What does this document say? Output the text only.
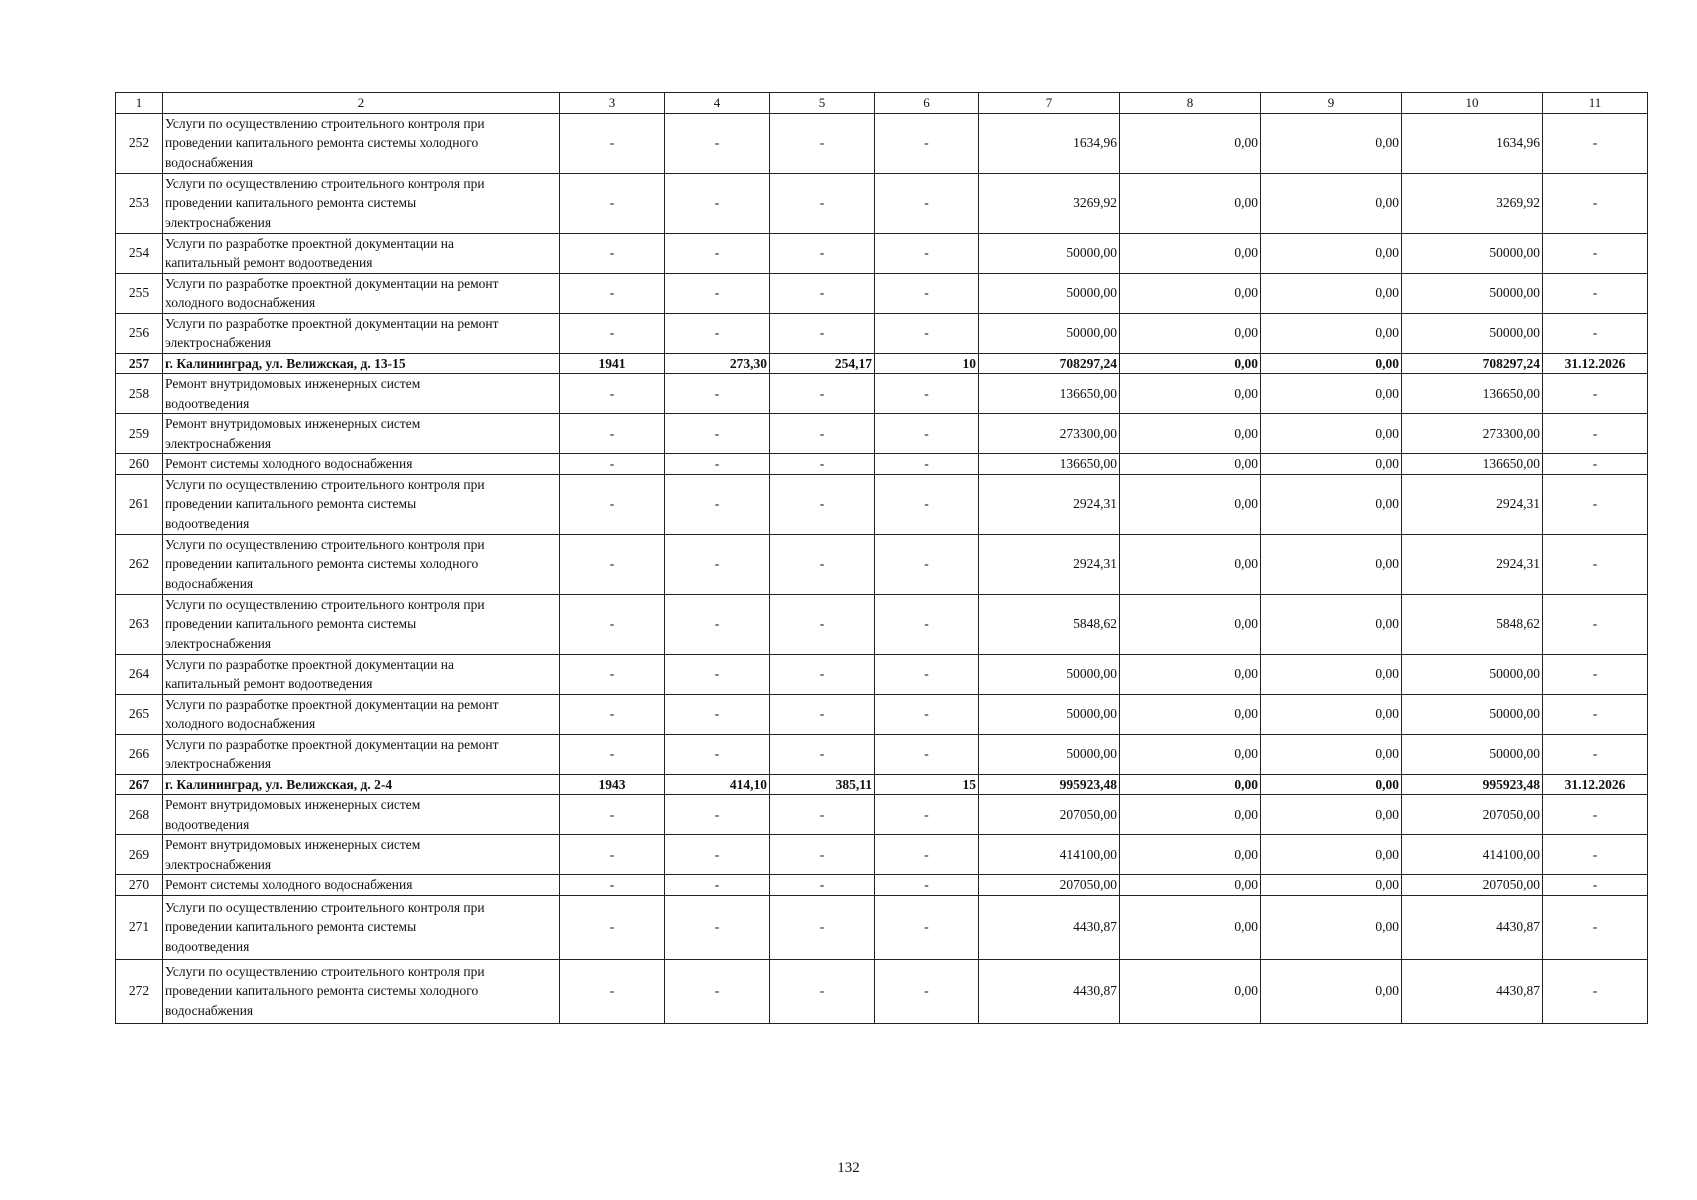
1	2	3	4	5	6	7	8	9	10	11
252	Услуги по осуществлению строительного контроля при
проведении капитального ремонта системы холодного
водоснабжения	-	-	-	-	1634,96	0,00	0,00	1634,96	-
253	Услуги по осуществлению строительного контроля при
проведении капитального ремонта системы
электроснабжения	-	-	-	-	3269,92	0,00	0,00	3269,92	-
254	Услуги по разработке проектной документации на
капитальный ремонт водоотведения	-	-	-	-	50000,00	0,00	0,00	50000,00	-
255	Услуги по разработке проектной документации на ремонт
холодного водоснабжения	-	-	-	-	50000,00	0,00	0,00	50000,00	-
256	Услуги по разработке проектной документации на ремонт
электроснабжения	-	-	-	-	50000,00	0,00	0,00	50000,00	-
257	г. Калининград, ул. Велижская, д. 13-15	1941	273,30	254,17	10	708297,24	0,00	0,00	708297,24	31.12.2026
258	Ремонт внутридомовых инженерных систем
водоотведения	-	-	-	-	136650,00	0,00	0,00	136650,00	-
259	Ремонт внутридомовых инженерных систем
электроснабжения	-	-	-	-	273300,00	0,00	0,00	273300,00	-
260	Ремонт системы холодного водоснабжения	-	-	-	-	136650,00	0,00	0,00	136650,00	-
261	Услуги по осуществлению строительного контроля при
проведении капитального ремонта системы
водоотведения	-	-	-	-	2924,31	0,00	0,00	2924,31	-
262	Услуги по осуществлению строительного контроля при
проведении капитального ремонта системы холодного
водоснабжения	-	-	-	-	2924,31	0,00	0,00	2924,31	-
263	Услуги по осуществлению строительного контроля при
проведении капитального ремонта системы
электроснабжения	-	-	-	-	5848,62	0,00	0,00	5848,62	-
264	Услуги по разработке проектной документации на
капитальный ремонт водоотведения	-	-	-	-	50000,00	0,00	0,00	50000,00	-
265	Услуги по разработке проектной документации на ремонт
холодного водоснабжения	-	-	-	-	50000,00	0,00	0,00	50000,00	-
266	Услуги по разработке проектной документации на ремонт
электроснабжения	-	-	-	-	50000,00	0,00	0,00	50000,00	-
267	г. Калининград, ул. Велижская, д. 2-4	1943	414,10	385,11	15	995923,48	0,00	0,00	995923,48	31.12.2026
268	Ремонт внутридомовых инженерных систем
водоотведения	-	-	-	-	207050,00	0,00	0,00	207050,00	-
269	Ремонт внутридомовых инженерных систем
электроснабжения	-	-	-	-	414100,00	0,00	0,00	414100,00	-
270	Ремонт системы холодного водоснабжения	-	-	-	-	207050,00	0,00	0,00	207050,00	-
271	Услуги по осуществлению строительного контроля при
проведении капитального ремонта системы
водоотведения	-	-	-	-	4430,87	0,00	0,00	4430,87	-
272	Услуги по осуществлению строительного контроля при
проведении капитального ремонта системы холодного
водоснабжения	-	-	-	-	4430,87	0,00	0,00	4430,87	-
132
